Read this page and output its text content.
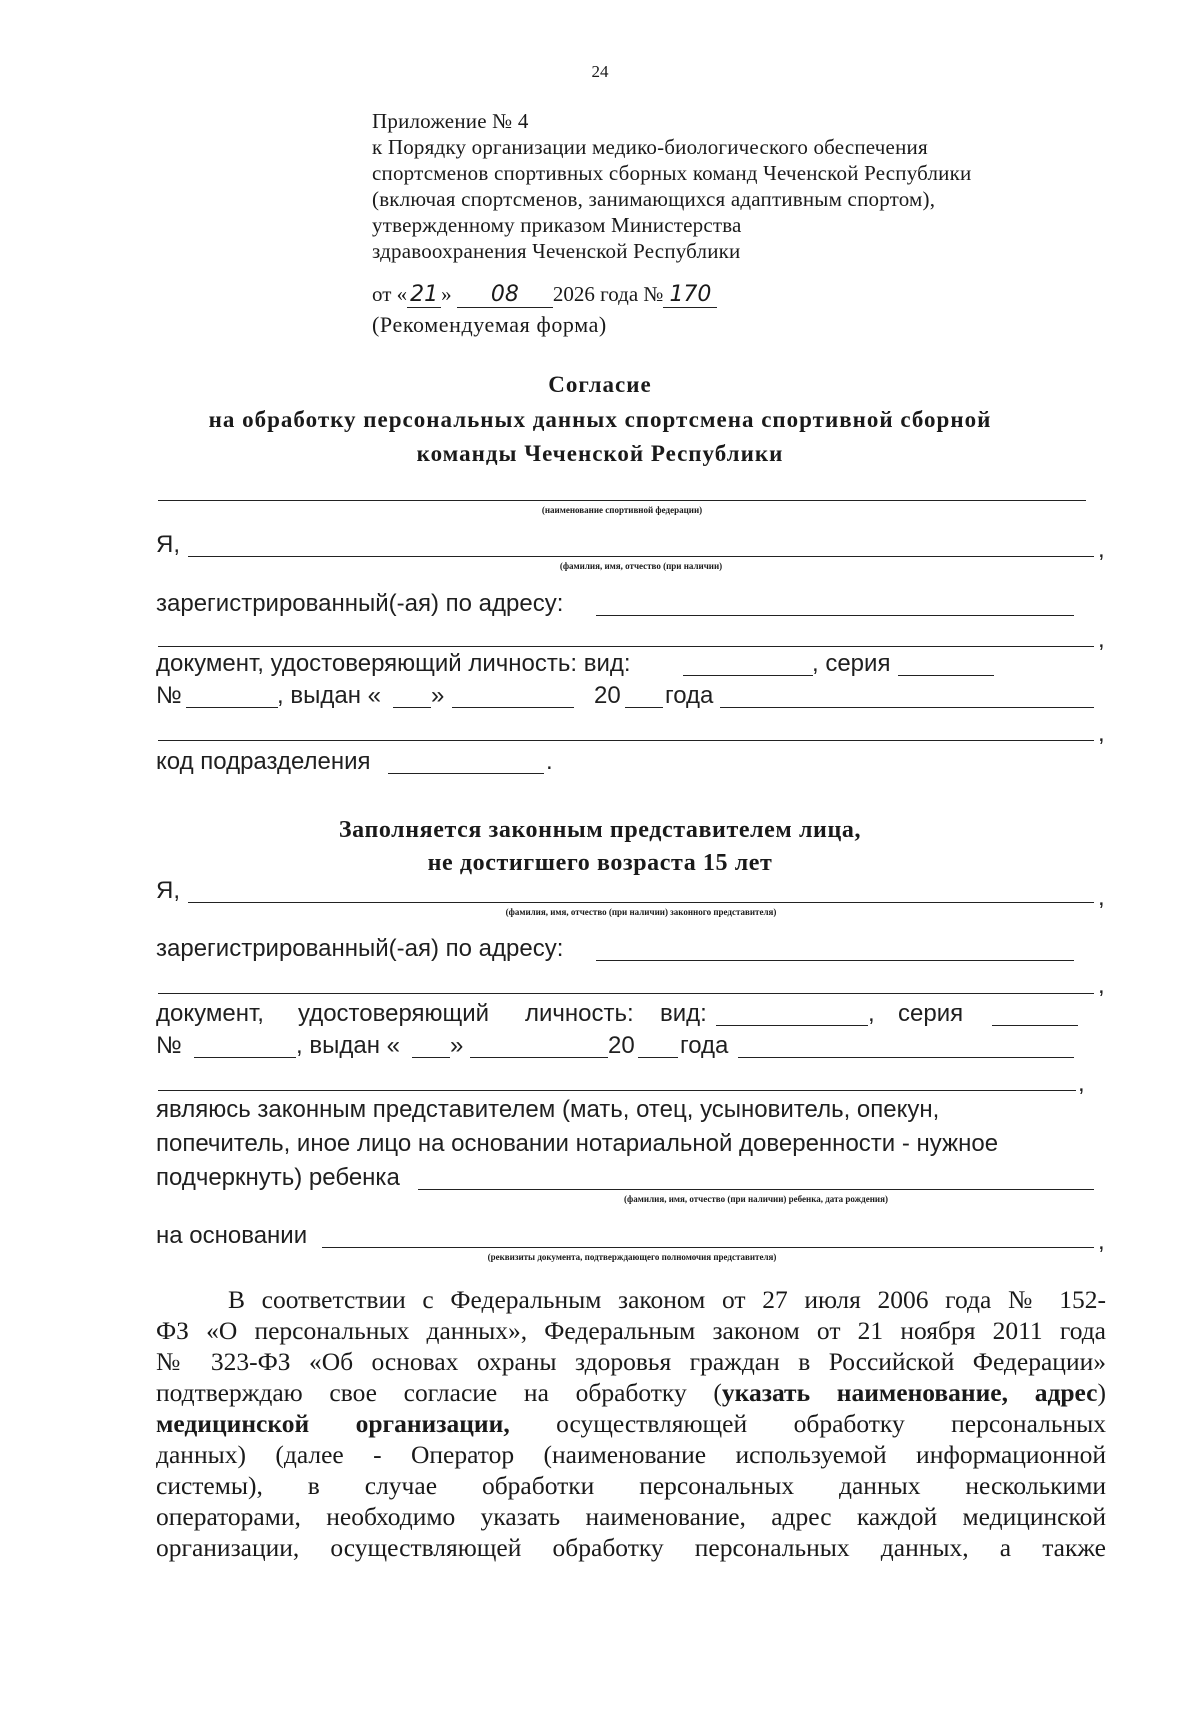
24
Приложение № 4
к Порядку организации медико-биологического обеспечения
спортсменов спортивных сборных команд Чеченской Республики
(включая спортсменов, занимающихся адаптивным спортом),
утвержденному приказом Министерства
здравоохранения Чеченской Республики
от « 21 » 08 2026 года № 170
(Рекомендуемая форма)
Согласие
на обработку персональных данных спортсмена спортивной сборной
команды Чеченской Республики
(наименование спортивной федерации)
Я,	,
(фамилия, имя, отчество (при наличии)
зарегистрированный(-ая) по адресу:
,
документ, удостоверяющий личность: вид:	, серия
№	, выдан « »	20 года
,
код подразделения	.
Заполняется законным представителем лица,
не достигшего возраста 15 лет
Я,	,
(фамилия, имя, отчество (при наличии) законного представителя)
зарегистрированный(-ая) по адресу:
,
документ, удостоверяющий личность: вид:	, серия
№	, выдан « »	20 года
,
являюсь законным представителем (мать, отец, усыновитель, опекун,
попечитель, иное лицо на основании нотариальной доверенности - нужное
подчеркнуть) ребенка
(фамилия, имя, отчество (при наличии) ребенка, дата рождения)
на основании	,
(реквизиты документа, подтверждающего полномочия представителя)
В соответствии с Федеральным законом от 27 июля 2006 года № 152-
ФЗ «О персональных данных», Федеральным законом от 21 ноября 2011 года
№ 323-ФЗ «Об основах охраны здоровья граждан в Российской Федерации»
подтверждаю свое согласие на обработку (указать наименование, адрес)
медицинской организации, осуществляющей обработку персональных
данных) (далее - Оператор (наименование используемой информационной
системы), в случае обработки персональных данных несколькими
операторами, необходимо указать наименование, адрес каждой медицинской
организации, осуществляющей обработку персональных данных, а также
